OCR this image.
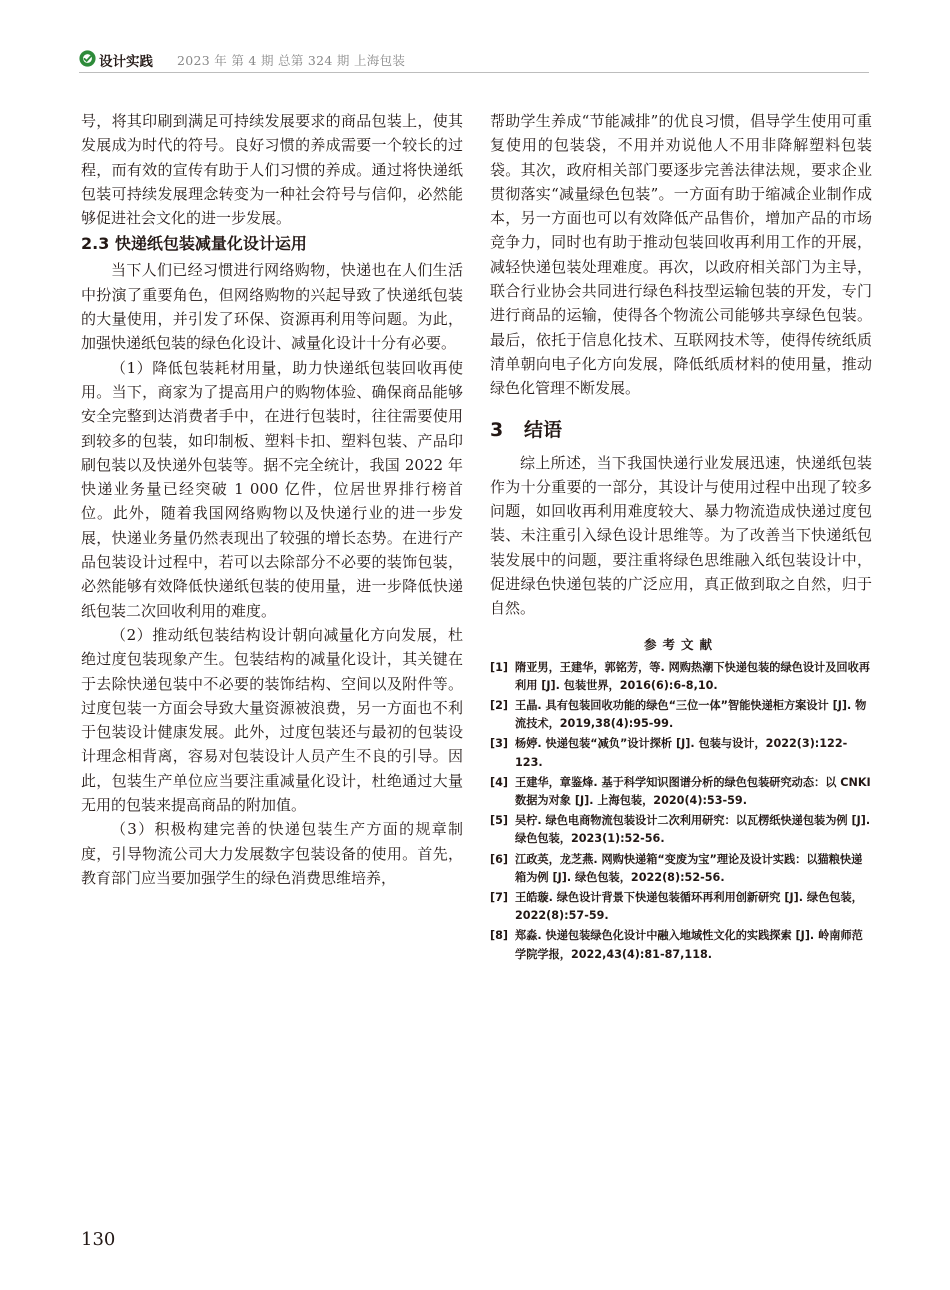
设计实践 2023 年 第 4 期 总第 324 期 上海包装

号，将其印刷到满足可持续发展要求的商品包装上，使其发展成为时代的符号。良好习惯的养成需要一个较长的过程，而有效的宣传有助于人们习惯的养成。通过将快递纸包装可持续发展理念转变为一种社会符号与信仰，必然能够促进社会文化的进一步发展。

2.3 快递纸包装减量化设计运用

当下人们已经习惯进行网络购物，快递也在人们生活中扮演了重要角色，但网络购物的兴起导致了快递纸包装的大量使用，并引发了环保、资源再利用等问题。为此，加强快递纸包装的绿色化设计、减量化设计十分有必要。

（1）降低包装耗材用量，助力快递纸包装回收再使用。当下，商家为了提高用户的购物体验、确保商品能够安全完整到达消费者手中，在进行包装时，往往需要使用到较多的包装，如印制板、塑料卡扣、塑料包装、产品印刷包装以及快递外包装等。据不完全统计，我国 2022 年快递业务量已经突破 1 000 亿件，位居世界排行榜首位。此外，随着我国网络购物以及快递行业的进一步发展，快递业务量仍然表现出了较强的增长态势。在进行产品包装设计过程中，若可以去除部分不必要的装饰包装，必然能够有效降低快递纸包装的使用量，进一步降低快递纸包装二次回收利用的难度。

（2）推动纸包装结构设计朝向减量化方向发展，杜绝过度包装现象产生。包装结构的减量化设计，其关键在于去除快递包装中不必要的装饰结构、空间以及附件等。过度包装一方面会导致大量资源被浪费，另一方面也不利于包装设计健康发展。此外，过度包装还与最初的包装设计理念相背离，容易对包装设计人员产生不良的引导。因此，包装生产单位应当要注重减量化设计，杜绝通过大量无用的包装来提高商品的附加值。

（3）积极构建完善的快递包装生产方面的规章制度，引导物流公司大力发展数字包装设备的使用。首先，教育部门应当要加强学生的绿色消费思维培养，

帮助学生养成“节能减排”的优良习惯，倡导学生使用可重复使用的包装袋，不用并劝说他人不用非降解塑料包装袋。其次，政府相关部门要逐步完善法律法规，要求企业贯彻落实“减量绿色包装”。一方面有助于缩减企业制作成本，另一方面也可以有效降低产品售价，增加产品的市场竞争力，同时也有助于推动包装回收再利用工作的开展，减轻快递包装处理难度。再次，以政府相关部门为主导，联合行业协会共同进行绿色科技型运输包装的开发，专门进行商品的运输，使得各个物流公司能够共享绿色包装。最后，依托于信息化技术、互联网技术等，使得传统纸质清单朝向电子化方向发展，降低纸质材料的使用量，推动绿色化管理不断发展。

3 结语

综上所述，当下我国快递行业发展迅速，快递纸包装作为十分重要的一部分，其设计与使用过程中出现了较多问题，如回收再利用难度较大、暴力物流造成快递过度包装、未注重引入绿色设计思维等。为了改善当下快递纸包装发展中的问题，要注重将绿色思维融入纸包装设计中，促进绿色快递包装的广泛应用，真正做到取之自然，归于自然。

参考文献
[1] 隋亚男，王建华，郭铭芳，等. 网购热潮下快递包装的绿色设计及回收再利用 [J]. 包装世界，2016(6):6-8,10.
[2] 王晶. 具有包装回收功能的绿色“三位一体”智能快递柜方案设计 [J]. 物流技术，2019,38(4):95-99.
[3] 杨婷. 快递包装“减负”设计探析 [J]. 包装与设计，2022(3):122-123.
[4] 王建华，章鉴烽. 基于科学知识图谱分析的绿色包装研究动态：以 CNKI 数据为对象 [J]. 上海包装，2020(4):53-59.
[5] 吴柠. 绿色电商物流包装设计二次利用研究：以瓦楞纸快递包装为例 [J]. 绿色包装，2023(1):52-56.
[6] 江政英，龙芝燕. 网购快递箱“变废为宝”理论及设计实践：以猫粮快递箱为例 [J]. 绿色包装，2022(8):52-56.
[7] 王皓璇. 绿色设计背景下快递包装循环再利用创新研究 [J]. 绿色包装，2022(8):57-59.
[8] 郑淼. 快递包装绿色化设计中融入地域性文化的实践探索 [J]. 岭南师范学院学报，2022,43(4):81-87,118.
130
